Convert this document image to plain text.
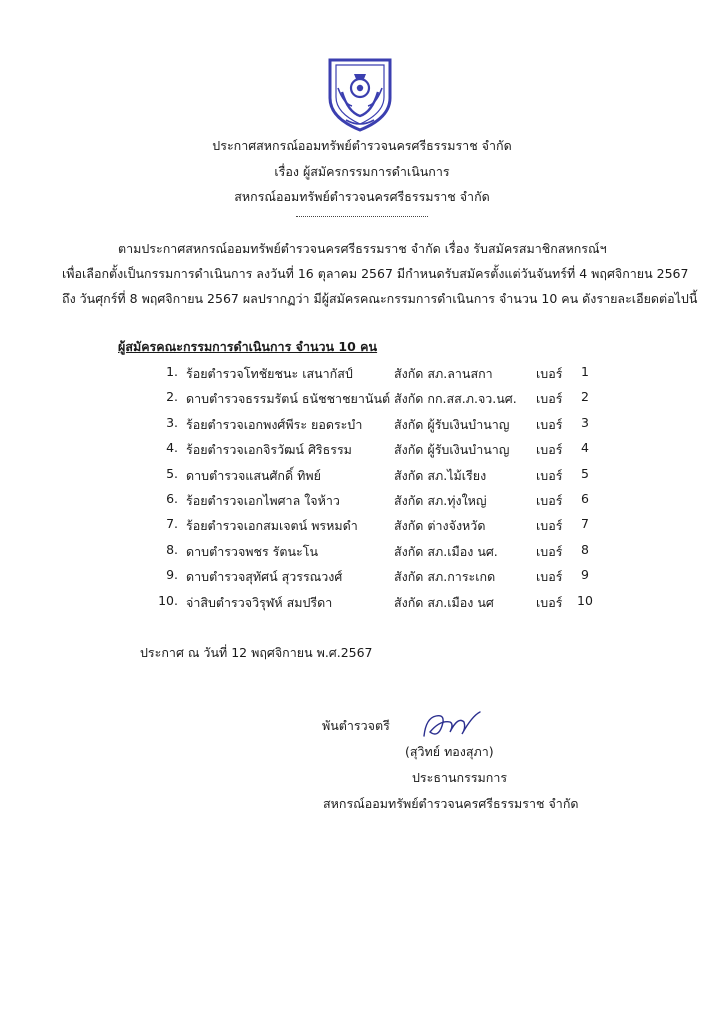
ประกาศสหกรณ์ออมทรัพย์ตำรวจนครศรีธรรมราช จำกัด
เรื่อง ผู้สมัครกรรมการดำเนินการ
สหกรณ์ออมทรัพย์ตำรวจนครศรีธรรมราช จำกัด
ตามประกาศสหกรณ์ออมทรัพย์ตำรวจนครศรีธรรมราช จำกัด เรื่อง รับสมัครสมาชิกสหกรณ์ฯ
เพื่อเลือกตั้งเป็นกรรมการดำเนินการ ลงวันที่ 16 ตุลาคม 2567 มีกำหนดรับสมัครตั้งแต่วันจันทร์ที่ 4 พฤศจิกายน 2567
ถึง วันศุกร์ที่ 8 พฤศจิกายน 2567 ผลปรากฏว่า มีผู้สมัครคณะกรรมการดำเนินการ จำนวน 10 คน ดังรายละเอียดต่อไปนี้
ผู้สมัครคณะกรรมการดำเนินการ จำนวน 10 คน
1. ร้อยตำรวจโทชัยชนะ เสนากัสป์	สังกัด สภ.ลานสกา	เบอร์	1
2. ดาบตำรวจธรรมรัตน์ ธนัชชาชยานันต์ สังกัด กก.สส.ภ.จว.นศ. เบอร์	2
3. ร้อยตำรวจเอกพงศ์พีระ ยอดระบำ	สังกัด ผู้รับเงินบำนาญ เบอร์	3
4. ร้อยตำรวจเอกจิรวัฒน์ ศิริธรรม	สังกัด ผู้รับเงินบำนาญ เบอร์	4
5. ดาบตำรวจแสนศักดิ์ ทิพย์	สังกัด สภ.ไม้เรียง	เบอร์	5
6. ร้อยตำรวจเอกไพศาล ใจห้าว	สังกัด สภ.ทุ่งใหญ่	เบอร์	6
7. ร้อยตำรวจเอกสมเจตน์ พรหมดำ	สังกัด ต่างจังหวัด	เบอร์	7
8. ดาบตำรวจพชร รัตนะโน	สังกัด สภ.เมือง นศ.	เบอร์	8
9. ดาบตำรวจสุทัศน์ สุวรรณวงศ์	สังกัด สภ.การะเกด	เบอร์	9
10. จ่าสิบตำรวจวิรุฬห์ สมปรีดา	สังกัด สภ.เมือง นศ	เบอร์ 10
ประกาศ ณ วันที่ 12 พฤศจิกายน พ.ศ.2567
พันตำรวจตรี
(สุวิทย์ ทองสุภา)
ประธานกรรมการ
สหกรณ์ออมทรัพย์ตำรวจนครศรีธรรมราช จำกัด
